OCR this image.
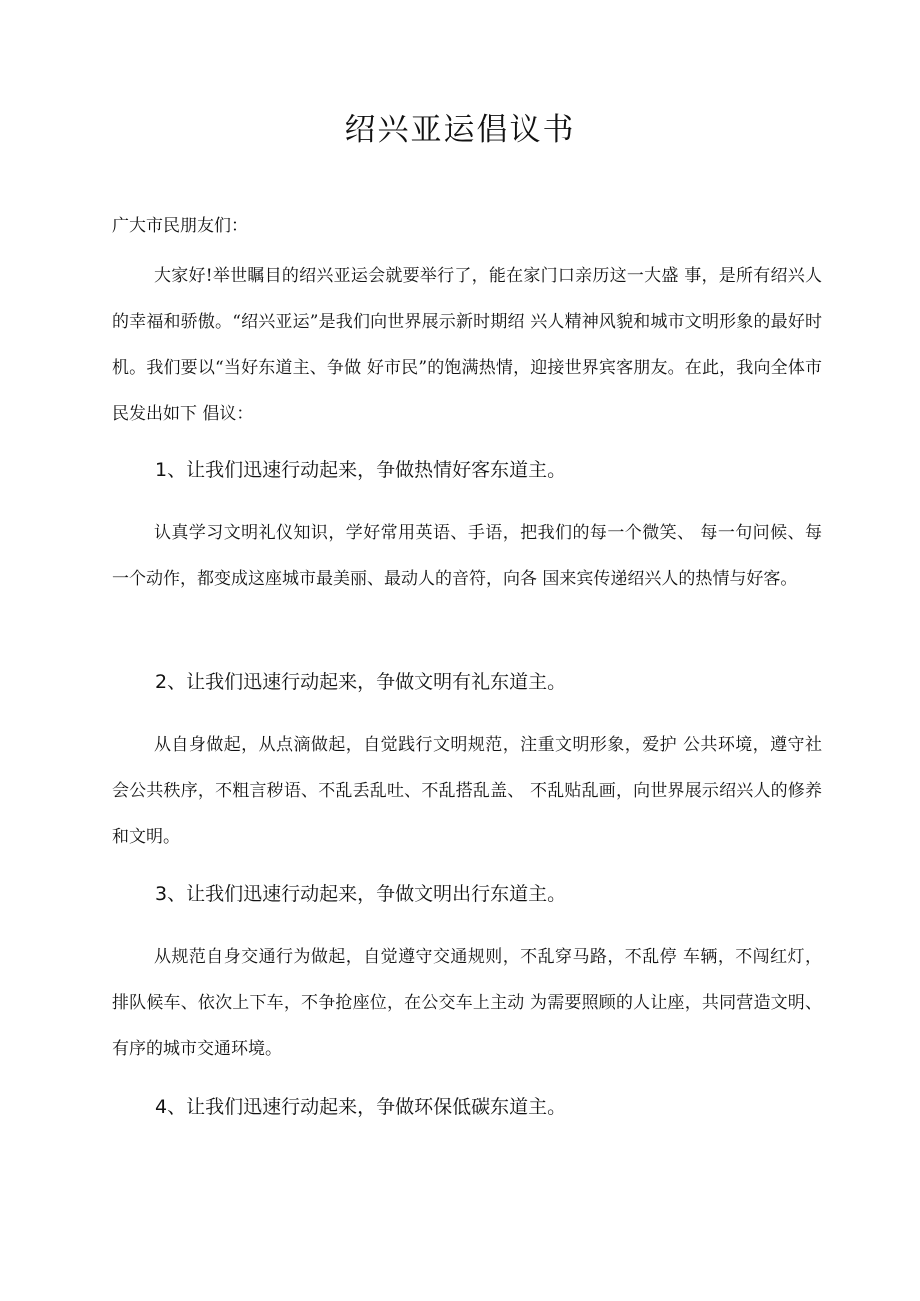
绍兴亚运倡议书

广大市民朋友们：

大家好!举世瞩目的绍兴亚运会就要举行了，能在家门口亲历这一大盛 事，是所有绍兴人的幸福和骄傲。“绍兴亚运”是我们向世界展示新时期绍 兴人精神风貌和城市文明形象的最好时机。我们要以“当好东道主、争做 好市民”的饱满热情，迎接世界宾客朋友。在此，我向全体市民发出如下 倡议：

1、让我们迅速行动起来，争做热情好客东道主。

认真学习文明礼仪知识，学好常用英语、手语，把我们的每一个微笑、 每一句问候、每一个动作，都变成这座城市最美丽、最动人的音符，向各 国来宾传递绍兴人的热情与好客。

2、让我们迅速行动起来，争做文明有礼东道主。

从自身做起，从点滴做起，自觉践行文明规范，注重文明形象，爱护 公共环境，遵守社会公共秩序，不粗言秽语、不乱丢乱吐、不乱搭乱盖、 不乱贴乱画，向世界展示绍兴人的修养和文明。

3、让我们迅速行动起来，争做文明出行东道主。

从规范自身交通行为做起，自觉遵守交通规则，不乱穿马路，不乱停 车辆，不闯红灯，排队候车、依次上下车，不争抢座位，在公交车上主动 为需要照顾的人让座，共同营造文明、有序的城市交通环境。

4、让我们迅速行动起来，争做环保低碳东道主。
